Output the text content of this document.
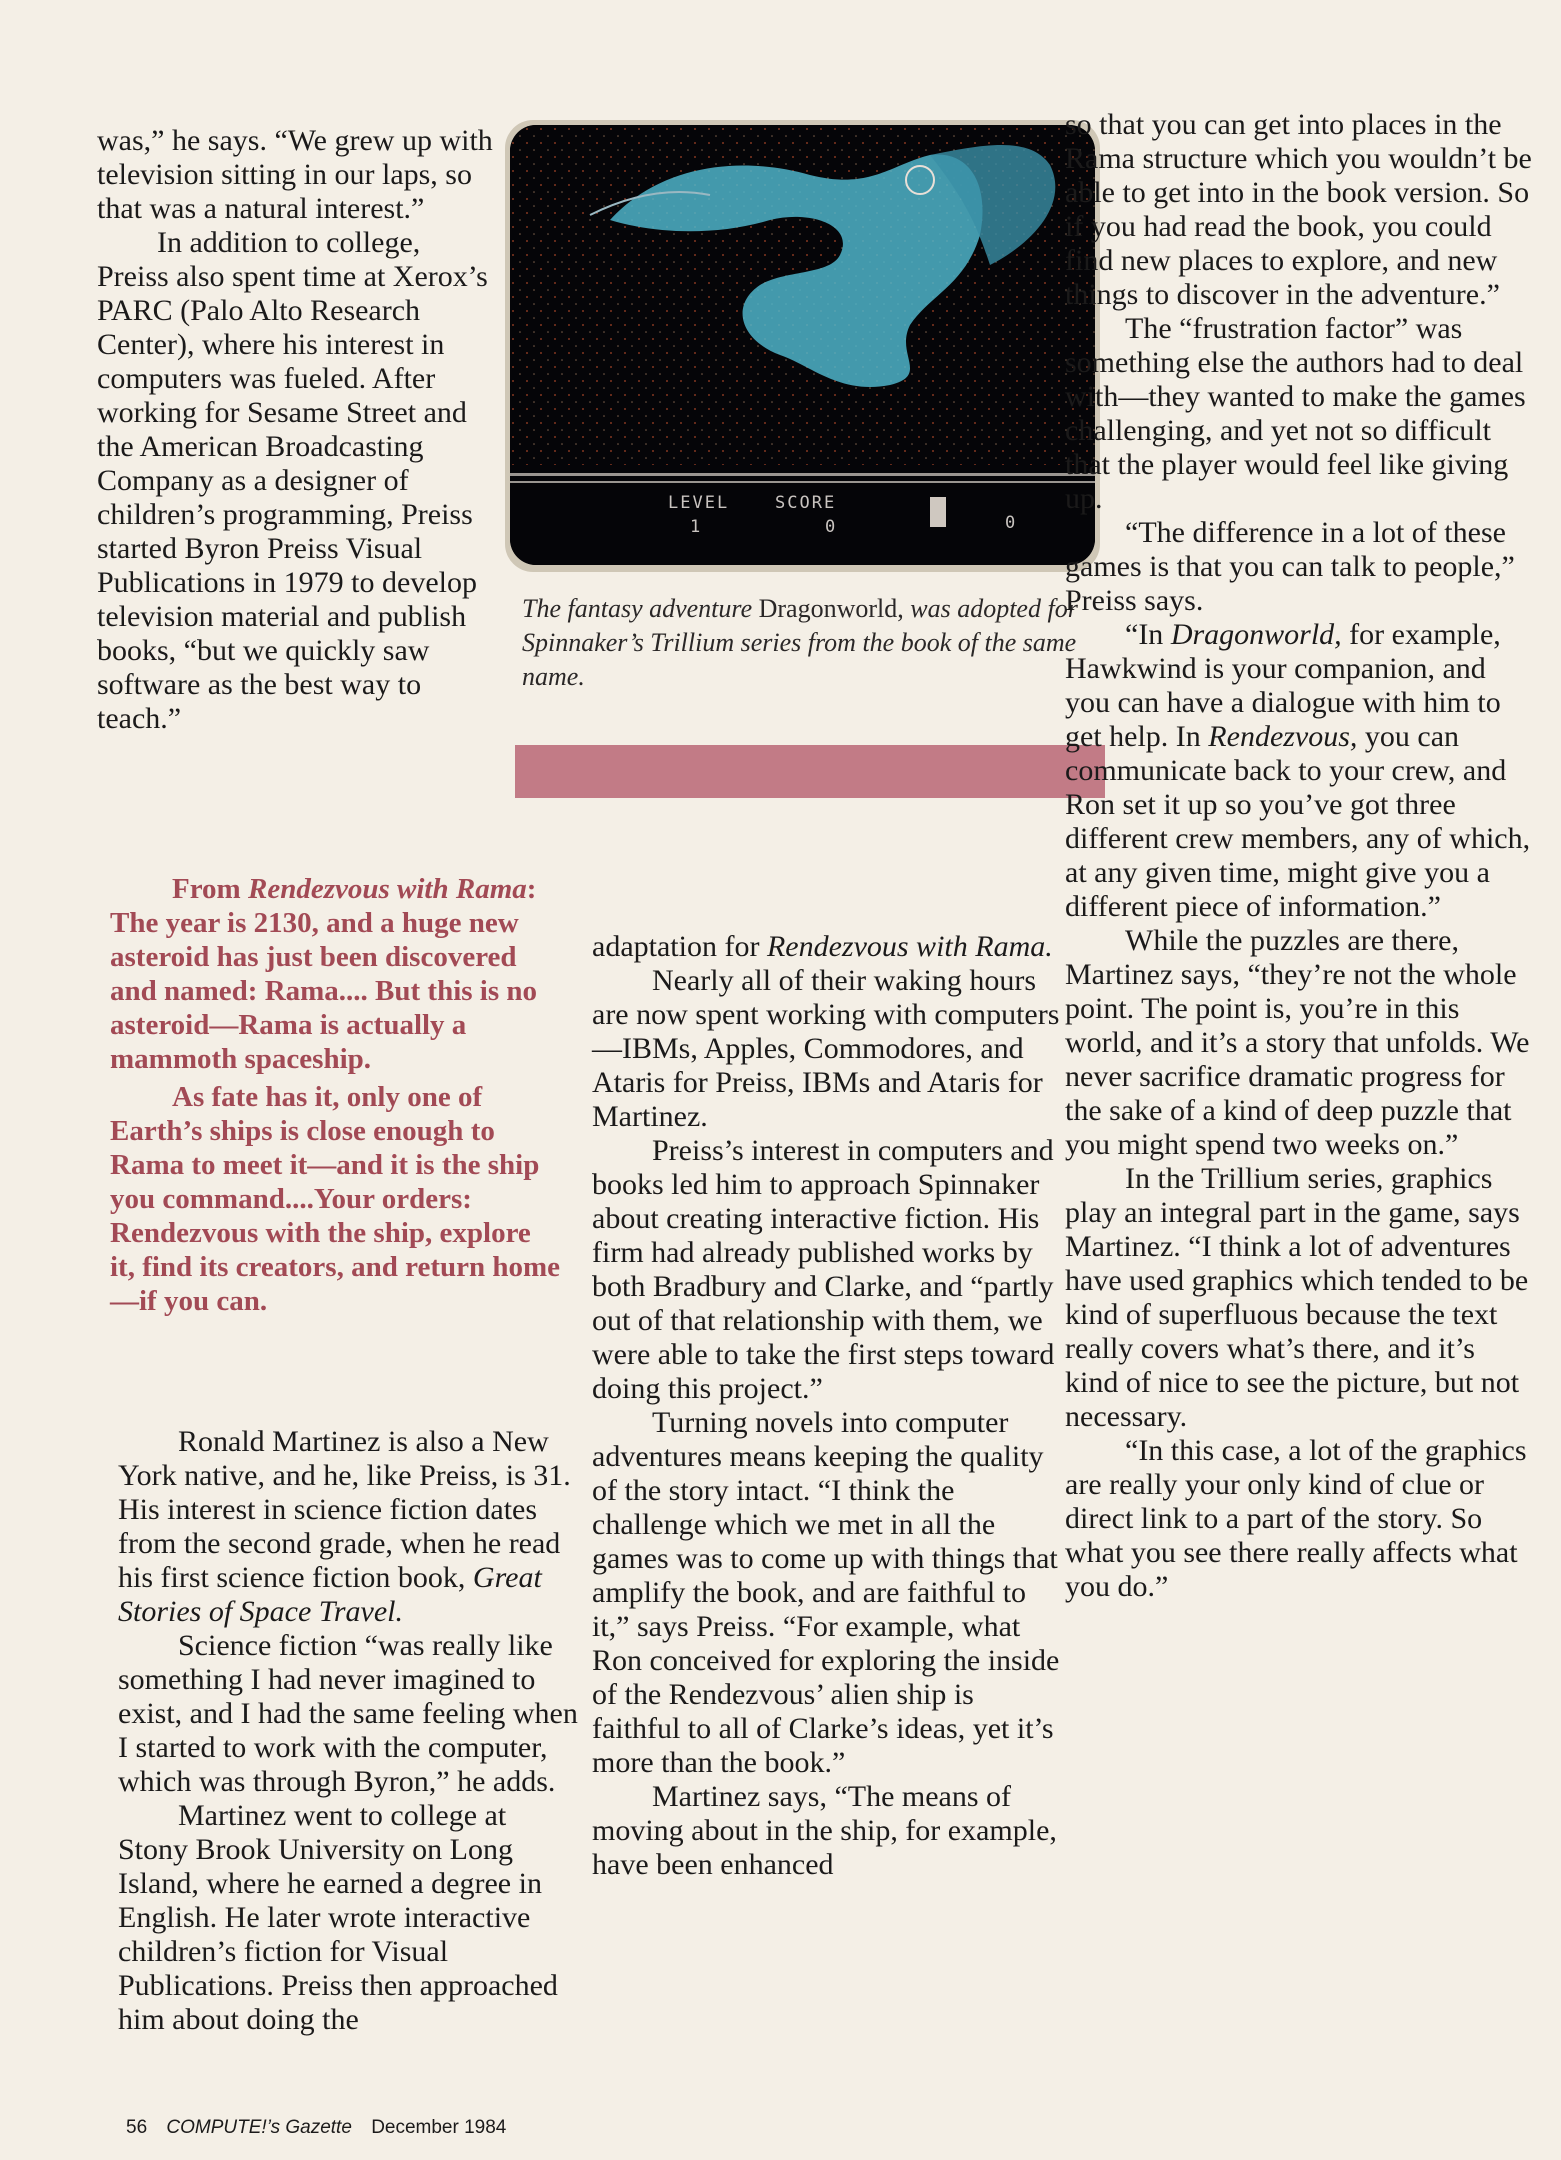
was,” he says. “We grew up with television sitting in our laps, so that was a natural interest.”

In addition to college, Preiss also spent time at Xerox’s PARC (Palo Alto Research Center), where his interest in computers was fueled. After working for Sesame Street and the American Broadcasting Company as a designer of children’s programming, Preiss started Byron Preiss Visual Publications in 1979 to develop television material and publish books, “but we quickly saw software as the best way to teach.”

LEVEL	SCORE
1	0	0
The fantasy adventure Dragonworld, was adopted for Spinnaker’s Trillium series from the book of the same name.

From Rendezvous with Rama: The year is 2130, and a huge new asteroid has just been discovered and named: Rama.... But this is no asteroid—Rama is actually a mammoth spaceship.

As fate has it, only one of Earth’s ships is close enough to Rama to meet it—and it is the ship you command....Your orders: Rendezvous with the ship, explore it, find its creators, and return home—if you can.

Ronald Martinez is also a New York native, and he, like Preiss, is 31. His interest in science fiction dates from the second grade, when he read his first science fiction book, Great Stories of Space Travel.

Science fiction “was really like something I had never imagined to exist, and I had the same feeling when I started to work with the computer, which was through Byron,” he adds.

Martinez went to college at Stony Brook University on Long Island, where he earned a degree in English. He later wrote interactive children’s fiction for Visual Publications. Preiss then approached him about doing the

adaptation for Rendezvous with Rama.

Nearly all of their waking hours are now spent working with computers—IBMs, Apples, Commodores, and Ataris for Preiss, IBMs and Ataris for Martinez.

Preiss’s interest in computers and books led him to approach Spinnaker about creating interactive fiction. His firm had already published works by both Bradbury and Clarke, and “partly out of that relationship with them, we were able to take the first steps toward doing this project.”

Turning novels into computer adventures means keeping the quality of the story intact. “I think the challenge which we met in all the games was to come up with things that amplify the book, and are faithful to it,” says Preiss. “For example, what Ron conceived for exploring the inside of the Rendezvous’ alien ship is faithful to all of Clarke’s ideas, yet it’s more than the book.”

Martinez says, “The means of moving about in the ship, for example, have been enhanced

so that you can get into places in the Rama structure which you wouldn’t be able to get into in the book version. So if you had read the book, you could find new places to explore, and new things to discover in the adventure.”

The “frustration factor” was something else the authors had to deal with—they wanted to make the games challenging, and yet not so difficult that the player would feel like giving up.

“The difference in a lot of these games is that you can talk to people,” Preiss says.

“In Dragonworld, for example, Hawkwind is your companion, and you can have a dialogue with him to get help. In Rendezvous, you can communicate back to your crew, and Ron set it up so you’ve got three different crew members, any of which, at any given time, might give you a different piece of information.”

While the puzzles are there, Martinez says, “they’re not the whole point. The point is, you’re in this world, and it’s a story that unfolds. We never sacrifice dramatic progress for the sake of a kind of deep puzzle that you might spend two weeks on.”

In the Trillium series, graphics play an integral part in the game, says Martinez. “I think a lot of adventures have used graphics which tended to be kind of superfluous because the text really covers what’s there, and it’s kind of nice to see the picture, but not necessary.

“In this case, a lot of the graphics are really your only kind of clue or direct link to a part of the story. So what you see there really affects what you do.”

56 COMPUTE!’s Gazette December 1984
